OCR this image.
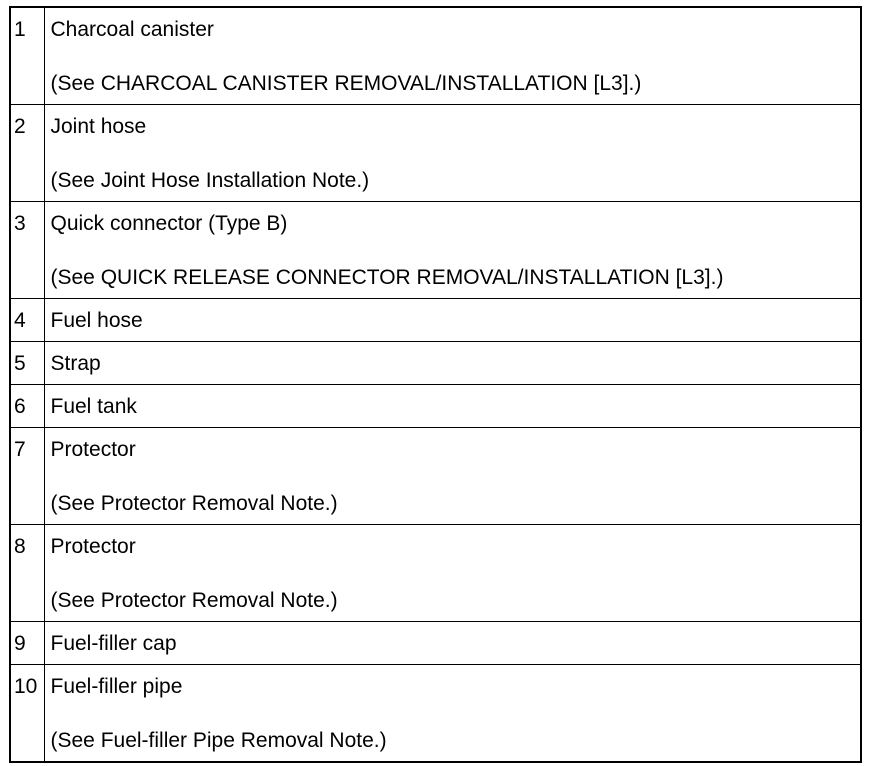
1	Charcoal canister
(See CHARCOAL CANISTER REMOVAL/INSTALLATION [L3].)

2	Joint hose
(See Joint Hose Installation Note.)

3	Quick connector (Type B)
(See QUICK RELEASE CONNECTOR REMOVAL/INSTALLATION [L3].)

4	Fuel hose

5	Strap

6	Fuel tank

7	Protector
(See Protector Removal Note.)

8	Protector
(See Protector Removal Note.)

9	Fuel-filler cap

10	Fuel-filler pipe
(See Fuel-filler Pipe Removal Note.)
